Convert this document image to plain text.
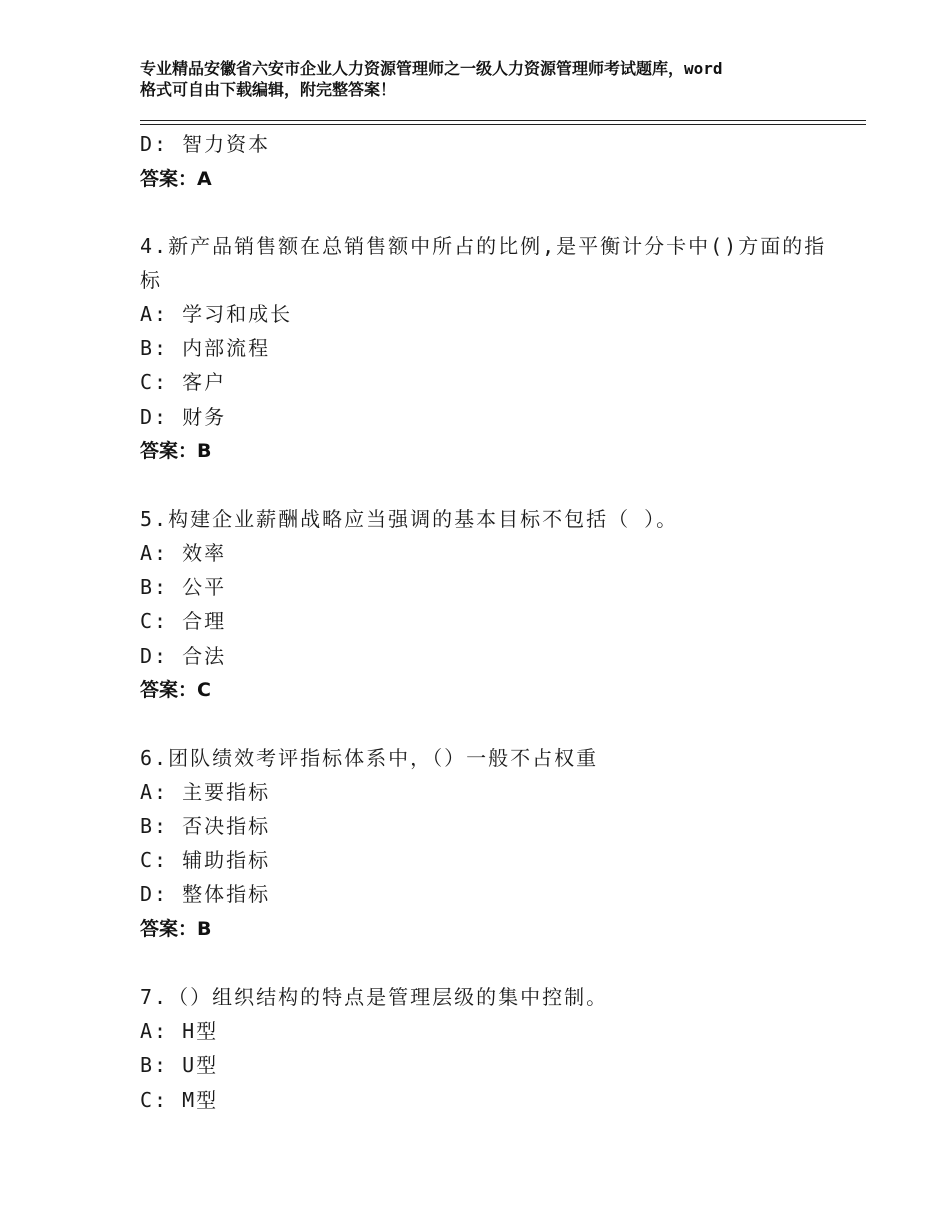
专业精品安徽省六安市企业人力资源管理师之一级人力资源管理师考试题库，word
格式可自由下载编辑，附完整答案！
D: 智力资本
答案：A
4.新产品销售额在总销售额中所占的比例,是平衡计分卡中()方面的指
标
A: 学习和成长
B: 内部流程
C: 客户
D: 财务
答案：B
5.构建企业薪酬战略应当强调的基本目标不包括（ ）。
A: 效率
B: 公平
C: 合理
D: 合法
答案：C
6.团队绩效考评指标体系中，（）一般不占权重
A: 主要指标
B: 否决指标
C: 辅助指标
D: 整体指标
答案：B
7.（）组织结构的特点是管理层级的集中控制。
A: H型
B: U型
C: M型
